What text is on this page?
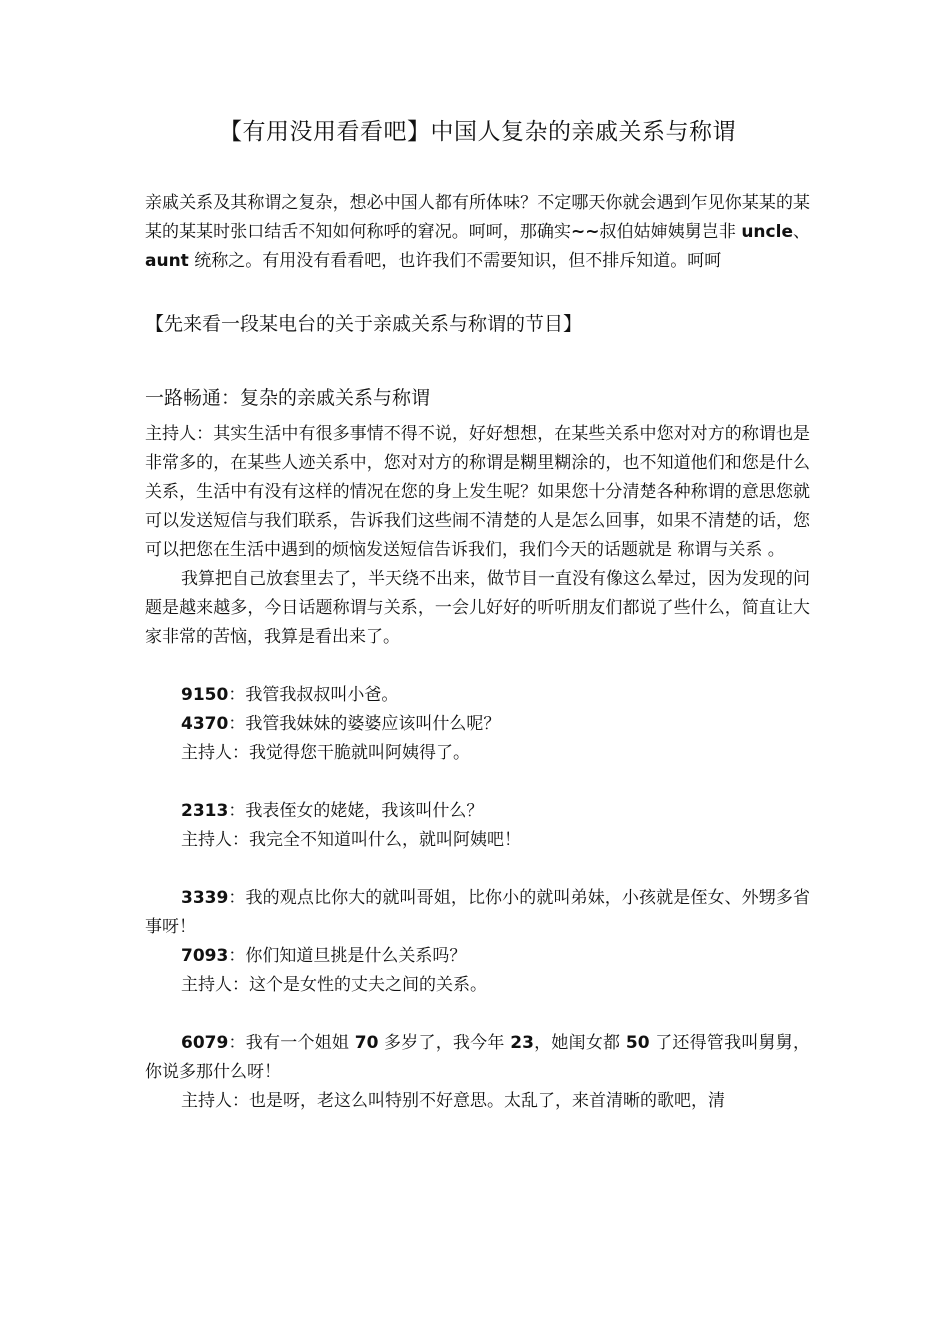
【有用没用看看吧】中国人复杂的亲戚关系与称谓

亲戚关系及其称谓之复杂，想必中国人都有所体味？不定哪天你就会遇到乍见你某某的某某的某某时张口结舌不知如何称呼的窘况。呵呵，那确实~~叔伯姑婶姨舅岂非 uncle、aunt 统称之。有用没有看看吧，也许我们不需要知识，但不排斥知道。呵呵

【先来看一段某电台的关于亲戚关系与称谓的节目】
一路畅通：复杂的亲戚关系与称谓

主持人：其实生活中有很多事情不得不说，好好想想，在某些关系中您对对方的称谓也是非常多的，在某些人迹关系中，您对对方的称谓是糊里糊涂的，也不知道他们和您是什么关系，生活中有没有这样的情况在您的身上发生呢？如果您十分清楚各种称谓的意思您就可以发送短信与我们联系，告诉我们这些闹不清楚的人是怎么回事，如果不清楚的话，您可以把您在生活中遇到的烦恼发送短信告诉我们，我们今天的话题就是 称谓与关系 。

我算把自己放套里去了，半天绕不出来，做节目一直没有像这么晕过，因为发现的问题是越来越多，今日话题称谓与关系，一会儿好好的听听朋友们都说了些什么，简直让大家非常的苦恼，我算是看出来了。

9150：我管我叔叔叫小爸。

4370：我管我妹妹的婆婆应该叫什么呢？

主持人：我觉得您干脆就叫阿姨得了。

2313：我表侄女的姥姥，我该叫什么？

主持人：我完全不知道叫什么，就叫阿姨吧！

3339：我的观点比你大的就叫哥姐，比你小的就叫弟妹，小孩就是侄女、外甥多省事呀！

7093：你们知道旦挑是什么关系吗？

主持人：这个是女性的丈夫之间的关系。

6079：我有一个姐姐 70 多岁了，我今年 23，她闺女都 50 了还得管我叫舅舅，你说多那什么呀！

主持人：也是呀，老这么叫特别不好意思。太乱了，来首清晰的歌吧，清
